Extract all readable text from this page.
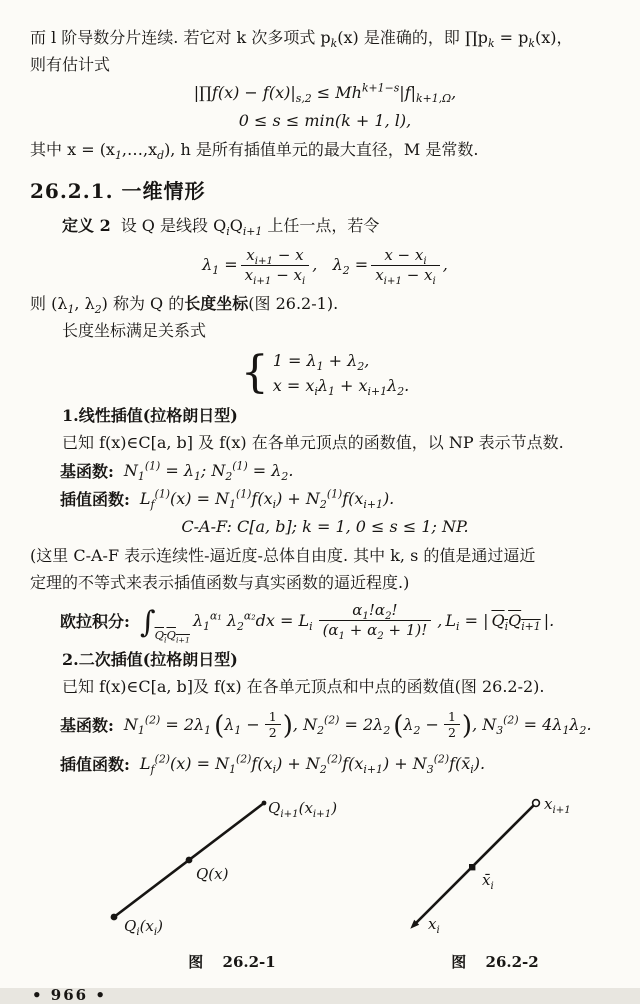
而 l 阶导数分片连续. 若它对 k 次多项式 $p_k(x)$ 是准确的，即 $\prod p_k = p_k(x)$，

则有估计式

|∏f(x) − $f(x)|_{s,2} \le Mh^{k+1-s}|f|_{k+1,\Omega}$,
0 ≤ s ≤ min(k + 1, l),

其中 $x = (x_1,\dots,x_d)$, h 是所有插值单元的最大直径，M 是常数.

26.2.1. 一维情形

定义 2 设 Q 是线段 $Q_iQ_{i+1}$ 上任一点，若令

$\lambda_1 = \frac{x_{i+1} - x}{x_{i+1} - x_i}$ , $\lambda_2 = \frac{x - x_i}{x_{i+1} - x_i}$ ,

则 ($\lambda_1$, $\lambda_2$) 称为 Q 的长度坐标(图 26.2-1).

长度坐标满足关系式

{ $1 = \lambda_1 + \lambda_2$,
$x = x_i\lambda_1 + x_{i+1}\lambda_2$.

1.线性插值(拉格朗日型)

已知 f(x)∈C[a, b] 及 f(x) 在各单元顶点的函数值，以 NP 表示节点数.

基函数: $N_1^{(1)} = \lambda_1$; $N_2^{(1)} = \lambda_2$.

插值函数: $L_f^{(1)}(x) = N_1^{(1)}f(x_i) + N_2^{(1)}f(x_{i+1})$.

C-A-F: C[a, b]; k = 1, 0 ≤ s ≤ 1; NP.

(这里 C-A-F 表示连续性-逼近度-总体自由度. 其中 k, s 的值是通过逼近

定理的不等式来表示插值函数与真实函数的逼近程度.)

欧拉积分: ∫ $Q_iQ_{i+1}$
$\lambda_1^{\alpha_1}$ $\lambda_2^{\alpha_2}dx = L_i \frac{\alpha_1!\alpha_2!}{(\alpha_1 + \alpha_2 + 1)!}$ , $L_i$ = | $Q_iQ_{i+1}$ |.

2.二次插值(拉格朗日型)

已知 f(x)∈C[a, b]及 f(x) 在各单元顶点和中点的函数值(图 26.2-2).

基函数: $N_1^{(2)} = 2\lambda_1$ ( $\lambda_1 - \frac{1}{2}$ ) , $N_2^{(2)} = 2\lambda_2$ ( $\lambda_2 - \frac{1}{2}$ ) , $N_3^{(2)} = 4\lambda_1\lambda_2$.

插值函数: $L_f^{(2)}(x) = N_1^{(2)}f(x_i) + N_2^{(2)}f(x_{i+1})$ + $N_3^{(2)}f(x̄_i)$.

$Q_{i+1}(x_{i+1})$
Q(x)
$Q_i(x_i)$
图 26.2-1
$x_{i+1}$
$x̄_i$
$x_i$
图 26.2-2
• 966 •
